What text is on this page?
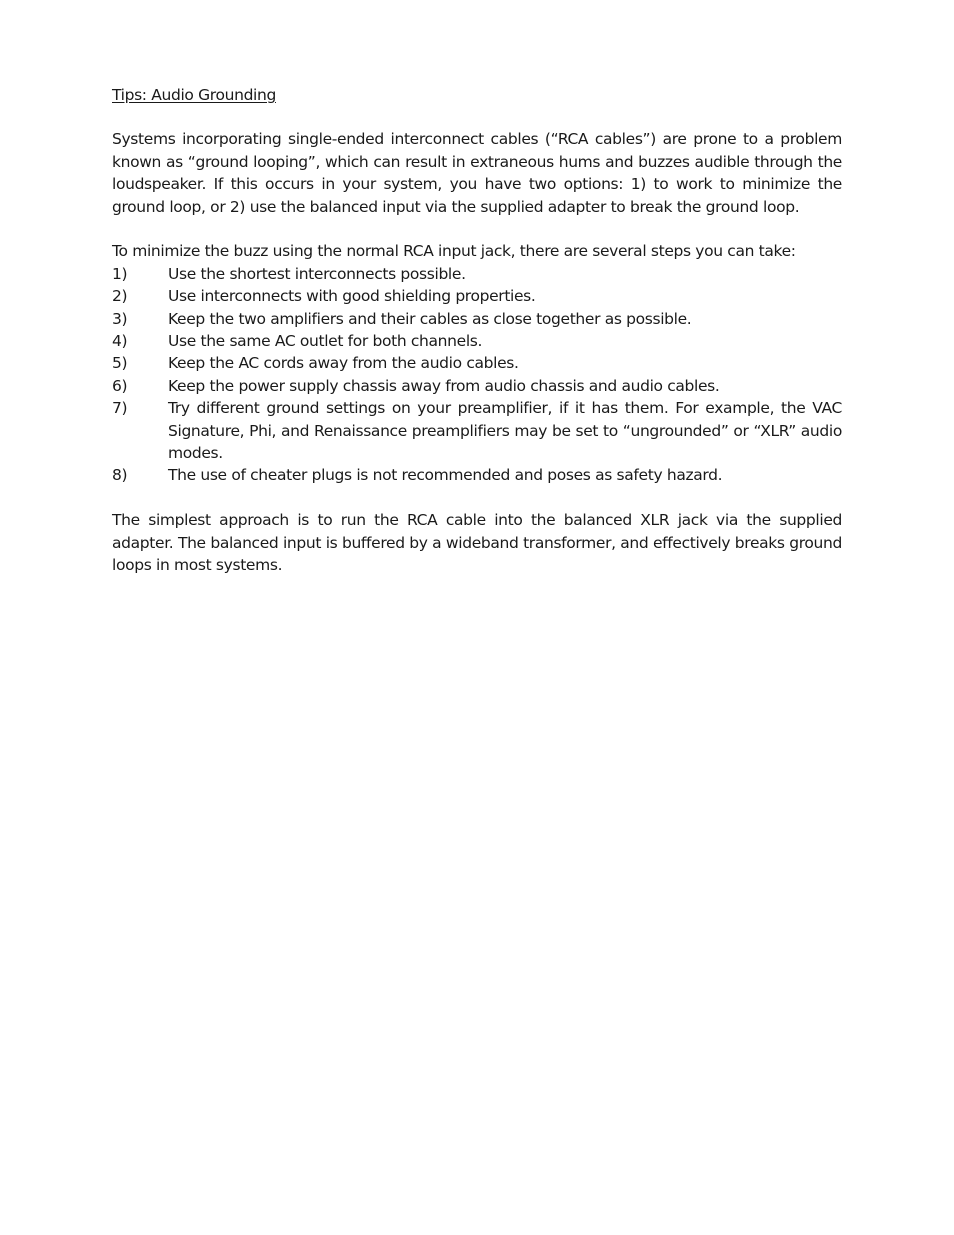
Tips: Audio Grounding

Systems incorporating single-ended interconnect cables (“RCA cables”) are prone to a problem known as “ground looping”, which can result in extraneous hums and buzzes audible through the loudspeaker. If this occurs in your system, you have two options: 1) to work to minimize the ground loop, or 2) use the balanced input via the supplied adapter to break the ground loop.

To minimize the buzz using the normal RCA input jack, there are several steps you can take:

1)	Use the shortest interconnects possible.
2)	Use interconnects with good shielding properties.
3)	Keep the two amplifiers and their cables as close together as possible.
4)	Use the same AC outlet for both channels.
5)	Keep the AC cords away from the audio cables.
6)	Keep the power supply chassis away from audio chassis and audio cables.
7)	Try different ground settings on your preamplifier, if it has them. For example, the VAC Signature, Phi, and Renaissance preamplifiers may be set to “ungrounded” or “XLR” audio modes.
8)	The use of cheater plugs is not recommended and poses as safety hazard.

The simplest approach is to run the RCA cable into the balanced XLR jack via the supplied adapter. The balanced input is buffered by a wideband transformer, and effectively breaks ground loops in most systems.
